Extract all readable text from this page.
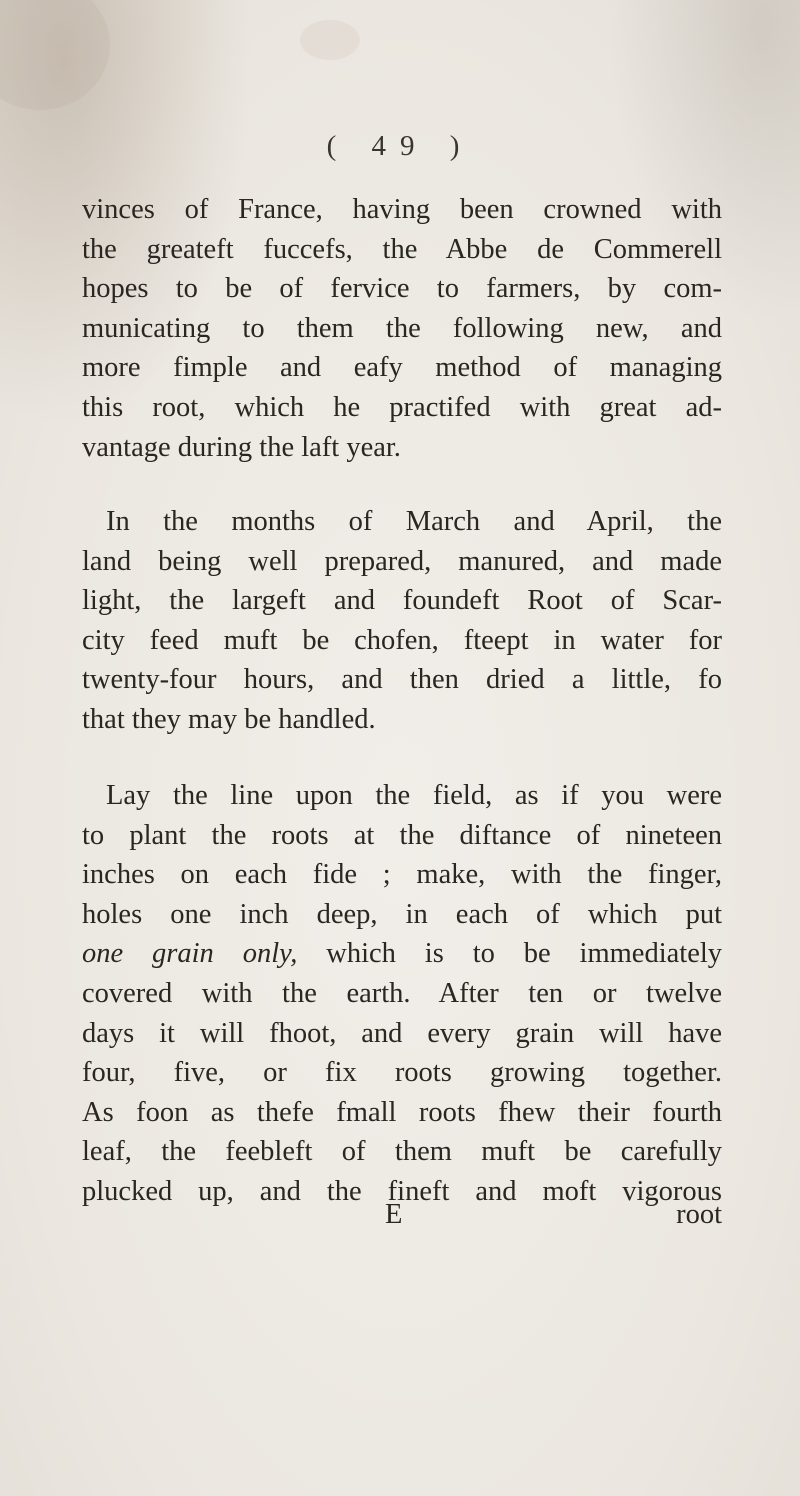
( 49 )
vinces of France, having been crowned with
the greateft fuccefs, the Abbe de Commerell
hopes to be of fervice to farmers, by com-
municating to them the following new, and
more fimple and eafy method of managing
this root, which he practifed with great ad-
vantage during the laft year.
In the months of March and April, the
land being well prepared, manured, and made
light, the largeft and foundeft Root of Scar-
city feed muft be chofen, fteept in water for
twenty-four hours, and then dried a little, fo
that they may be handled.
Lay the line upon the field, as if you were
to plant the roots at the diftance of nineteen
inches on each fide ; make, with the finger,
holes one inch deep, in each of which put
one grain only, which is to be immediately
covered with the earth. After ten or twelve
days it will fhoot, and every grain will have
four, five, or fix roots growing together.
As foon as thefe fmall roots fhew their fourth
leaf, the feebleft of them muft be carefully
plucked up, and the fineft and moft vigorous
E	root
